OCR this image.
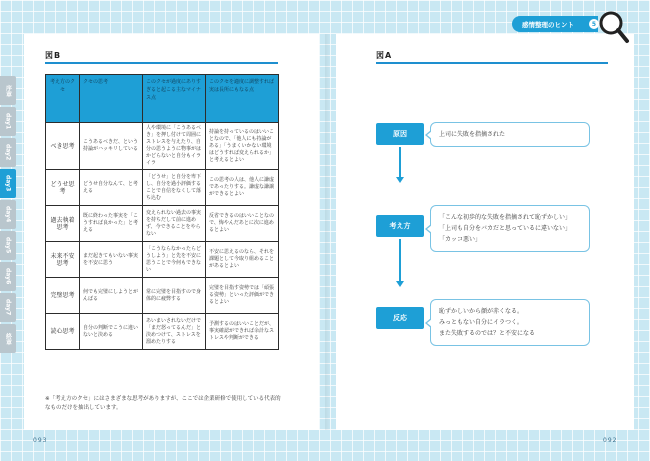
序章
day1
day2
day3
day4
day5
day6
day7
終章
図B
考え方のクセ	クセの思考	このクセが過度にありすぎると起こる主なマイナス点	このクセを適度に調整すれば実は長所にもなる点
べき思考	こうあるべきだ、という持論がハッキリしている	人や環境に「こうあるべき」を押し付けて周囲にストレスを与えたり、自分の思うように物事がはかどらないと自分もイライラ	持論を持っているのはいいことなので、「他人にも持論がある」「うまくいかない環境はどうすれば変えられるか」と考えるとよい
どうせ思考	どうせ自分なんて、と考える	「どうせ」と自分を卑下し、自分を過小評価することで自信をなくして落ち込む	この思考の人は、他人に謙虚であったりする。謙虚な謙譲ができるとよい
過去執着思考	既に終わった事実を「こうすれば良かった」と考える	変えられない過去の事実を持ちだして前に進めず、今できることをやらない	反省できるのはいいことなので、悔やんだあとに次に進めるとよい
未来不安思考	まだ起きてもいない事実を不安に思う	「こうならなかったらどうしよう」と先を不安に思うことで今何もできない	不安に思えるのなら、それを課題として今取り組めることがあるとよい
完璧思考	何でも完璧にしようとがんばる	常に完璧を目指すので身体的に疲弊する	完璧を目指す姿勢では「頑張る姿勢」といった評価ができるとよい
読心思考	自分の判断でこうに違いないと決める	あいまいされないだけで「まだ怒ってるんだ」と決めつけて、ストレスを溜めたりする	予測するのはいいことだが、事実確認ができれば余計なストレスや判断ができる
※「考え方のクセ」にはさまざまな思考がありますが、ここでは企業研修で使用している代表的なものだけを抽出しています。
093
感情整理のヒント	5
図A
原因	上司に失敗を指摘された
考え方
「こんな初歩的な失敗を指摘されて恥ずかしい」
「上司も自分をバカだと思っているに違いない」
「カッコ悪い」
反応
恥ずかしいから顔が赤くなる。
みっともない自分にイラつく。
また失敗するのでは？と不安になる
092
